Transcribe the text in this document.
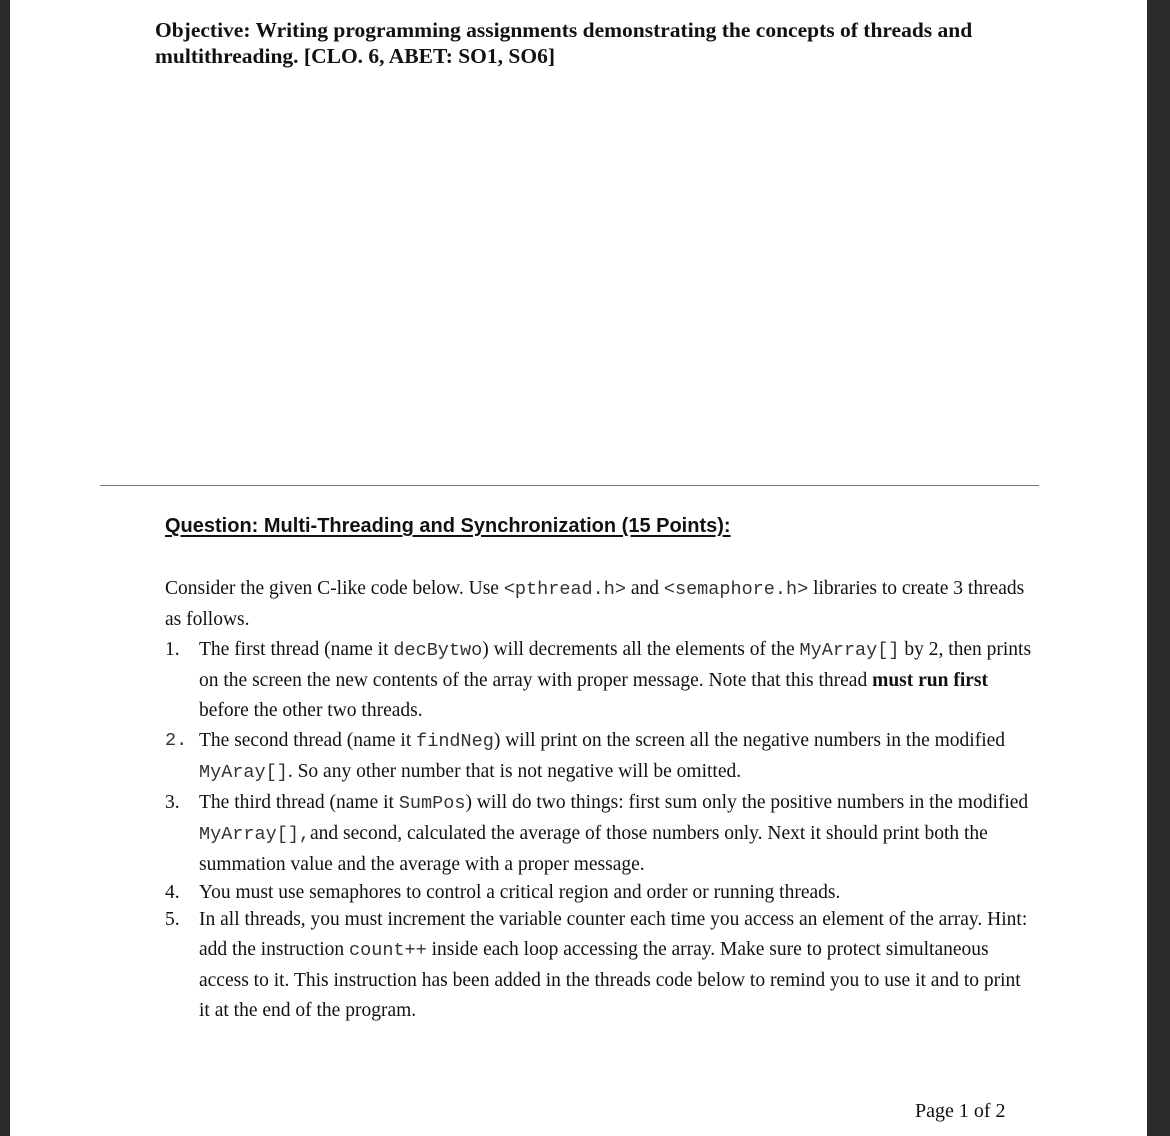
Objective: Writing programming assignments demonstrating the concepts of threads and multithreading. [CLO. 6, ABET: SO1, SO6]
Question: Multi-Threading and Synchronization (15 Points):
Consider the given C-like code below. Use <pthread.h> and <semaphore.h> libraries to create 3 threads as follows.
1. The first thread (name it decBytwo) will decrements all the elements of the MyArray[] by 2, then prints on the screen the new contents of the array with proper message. Note that this thread must run first before the other two threads.
2. The second thread (name it findNeg) will print on the screen all the negative numbers in the modified MyAray[]. So any other number that is not negative will be omitted.
3. The third thread (name it SumPos) will do two things: first sum only the positive numbers in the modified MyArray[],and second, calculated the average of those numbers only. Next it should print both the summation value and the average with a proper message.
4. You must use semaphores to control a critical region and order or running threads.
5. In all threads, you must increment the variable counter each time you access an element of the array. Hint: add the instruction count++ inside each loop accessing the array. Make sure to protect simultaneous access to it. This instruction has been added in the threads code below to remind you to use it and to print it at the end of the program.
Page 1 of 2
